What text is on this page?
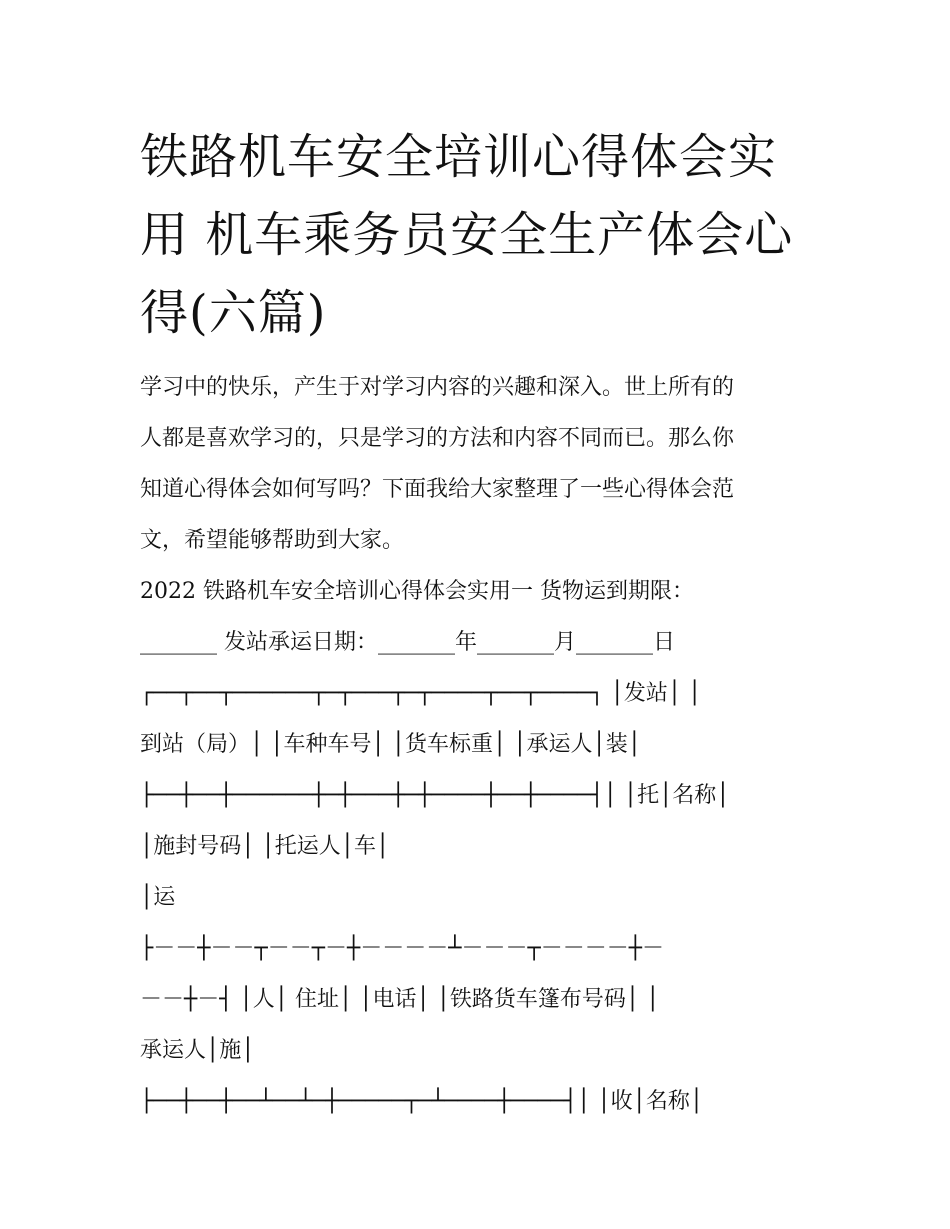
铁路机车安全培训心得体会实
用 机车乘务员安全生产体会心
得(六篇)
学习中的快乐，产生于对学习内容的兴趣和深入。世上所有的
人都是喜欢学习的，只是学习的方法和内容不同而已。那么你
知道心得体会如何写吗？下面我给大家整理了一些心得体会范
文，希望能够帮助到大家。
2022 铁路机车安全培训心得体会实用一 货物运到期限：
_______ 发站承运日期：_______年_______月_______日
┌──┬──┬──────┬─┬───┬─┬────┬──┬────┐ │发站│ │
到站（局）│ │车种车号│ │货车标重│ │承运人│装│
├──┼──┼──────┼─┼───┼─┼────┼──┼────┤│ │托│名称│
│施封号码│ │托运人│车│
│运
├－－┼－－┬－－┬－┼－－－－┴－－－┬－－－－┼－
－－┼－┤ │人│ 住址│ │电话│ │铁路货车篷布号码│ │
承运人│施│
├──┼──┼──┴──┴─┼─────┬─┴────┼────┤│ │收│名称│
